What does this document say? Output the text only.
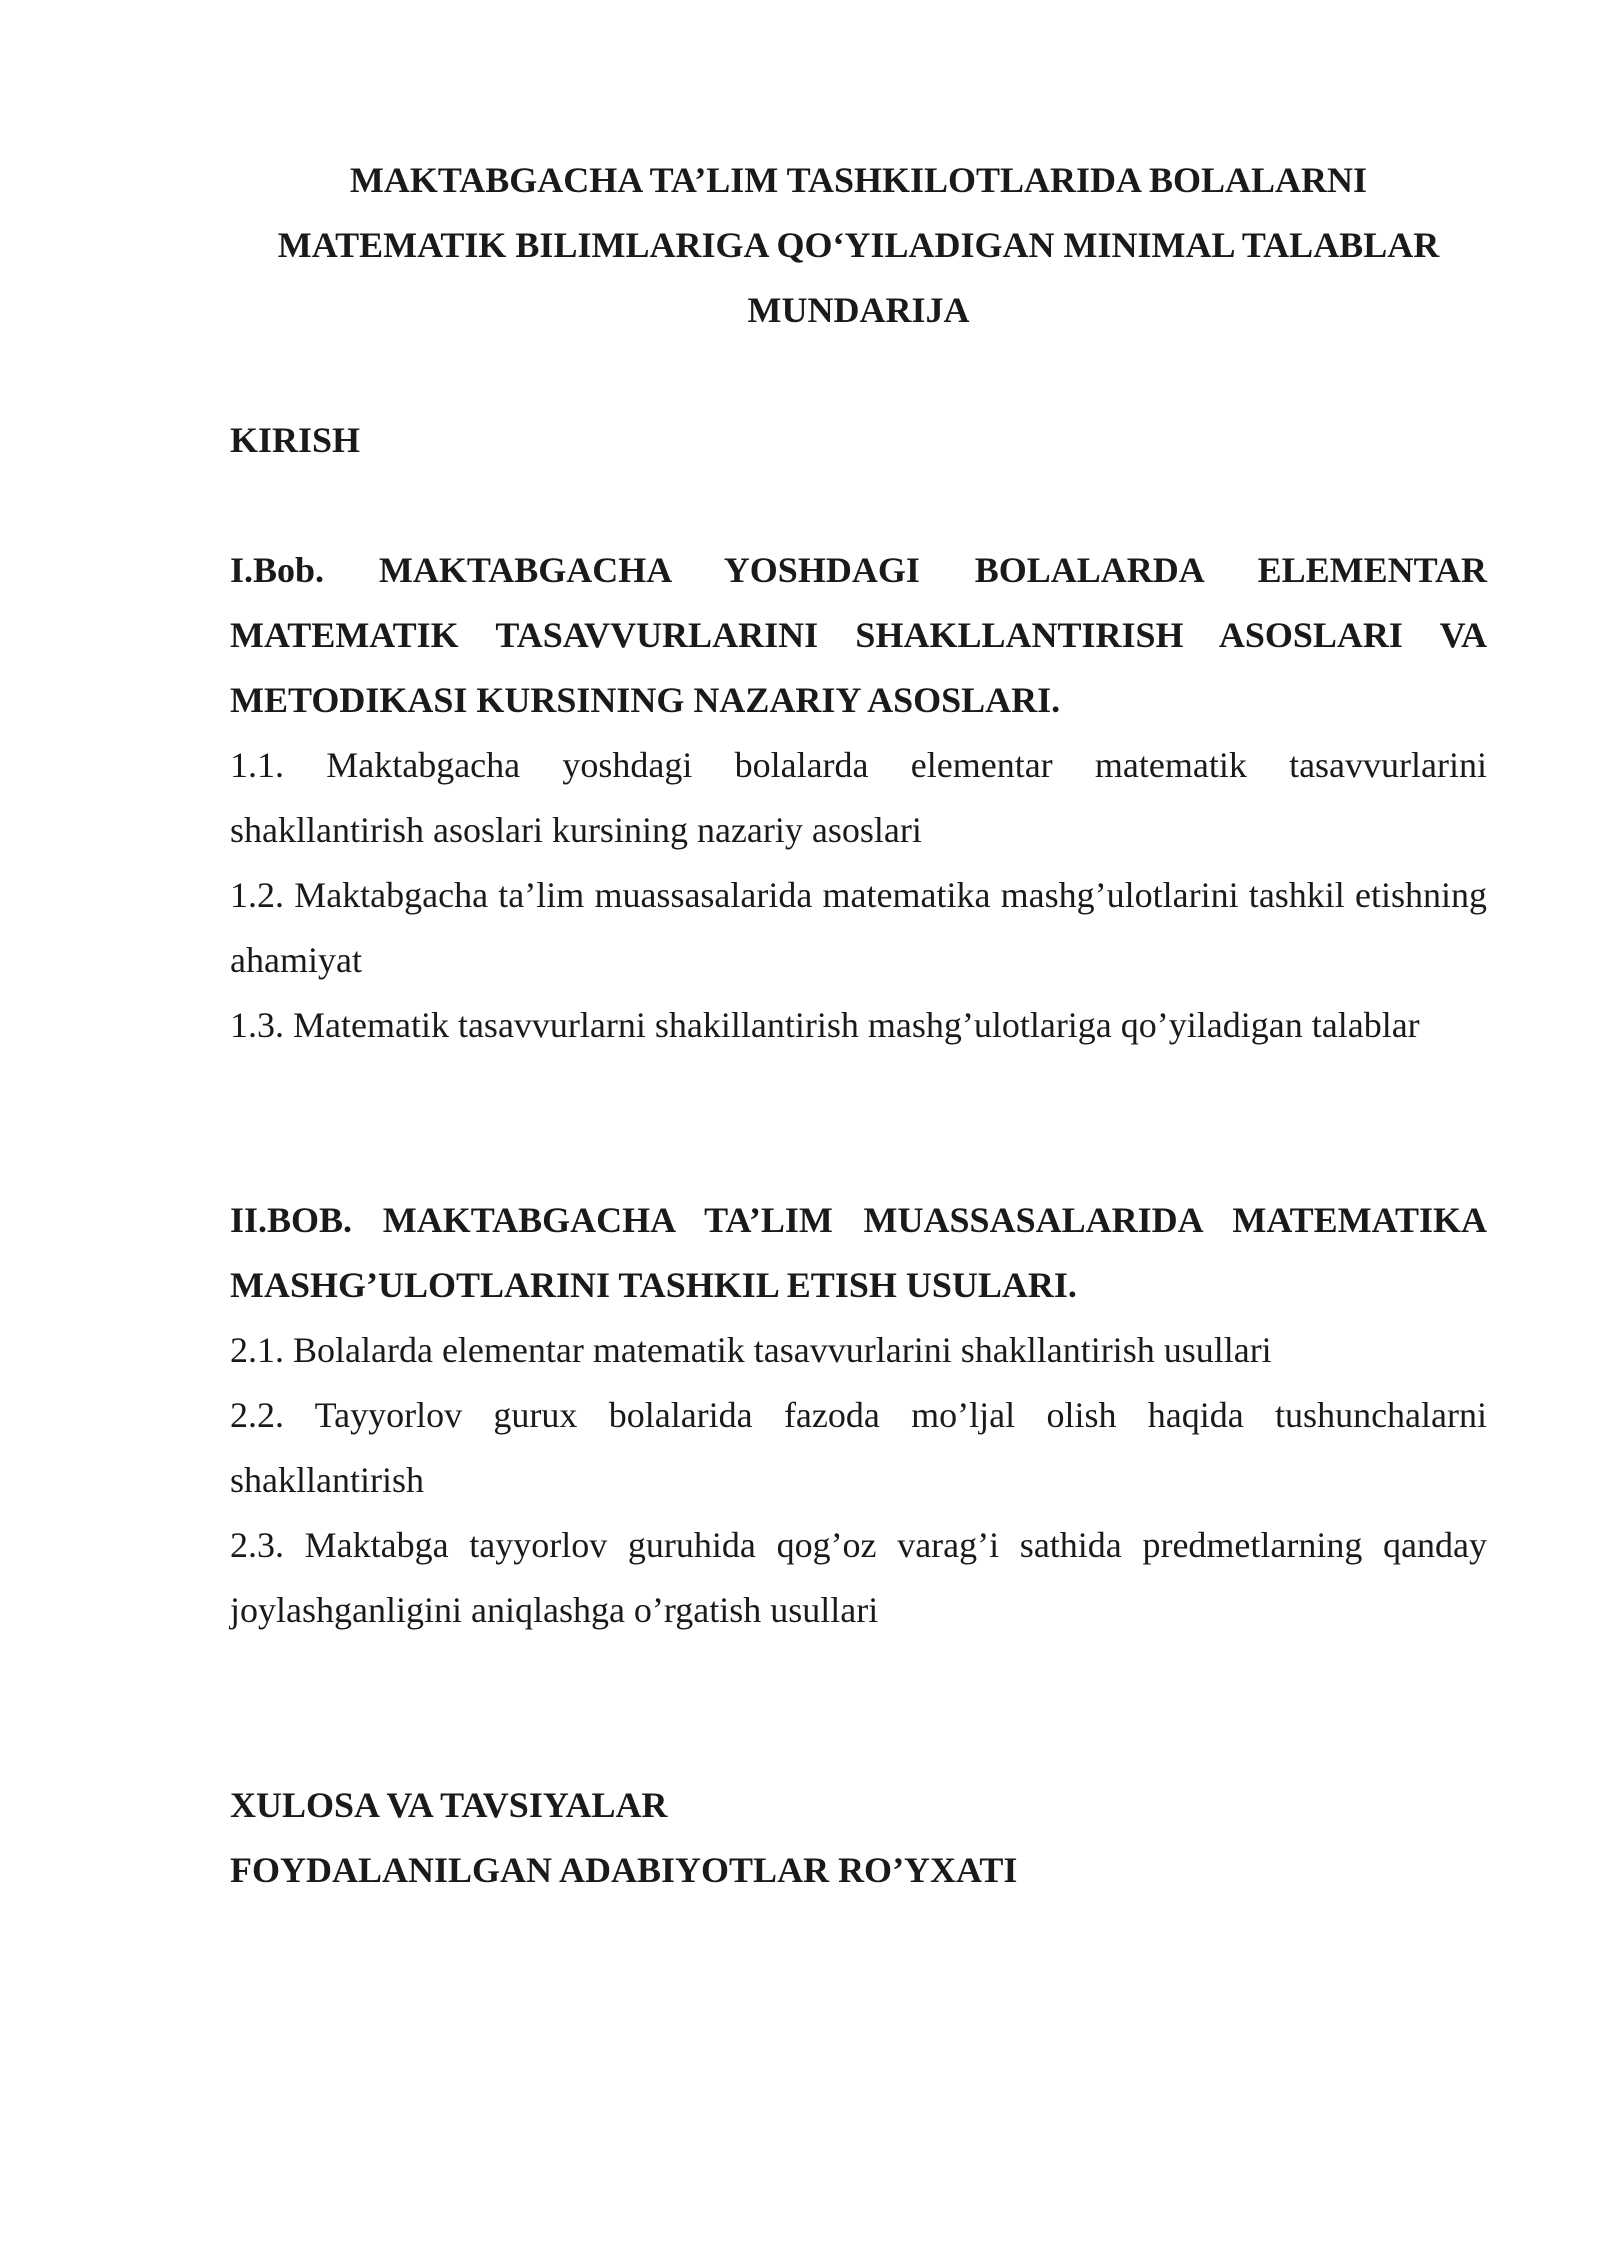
MAKTABGACHA TA’LIM TASHKILOTLARIDA BOLALARNI
MATEMATIK BILIMLARIGA QO‘YILADIGAN MINIMAL TALABLAR
MUNDARIJA
KIRISH
I.Bob. MAKTABGACHA YOSHDAGI BOLALARDA ELEMENTAR MATEMATIK TASAVVURLARINI SHAKLLANTIRISH ASOSLARI VA METODIKASI KURSINING NAZARIY ASOSLARI.
1.1. Maktabgacha yoshdagi bolalarda elementar matematik tasavvurlarini shakllantirish asoslari kursining nazariy asoslari
1.2. Maktabgacha ta’lim muassasalarida matematika mashg’ulotlarini tashkil etishning ahamiyat
1.3. Matematik tasavvurlarni shakillantirish mashg’ulotlariga qo’yiladigan talablar
II.BOB. MAKTABGACHA TA’LIM MUASSASALARIDA MATEMATIKA MASHG’ULOTLARINI TASHKIL ETISH USULARI.
2.1. Bolalarda elementar matematik tasavvurlarini shakllantirish usullari
2.2. Tayyorlov gurux bolalarida fazoda mo’ljal olish haqida tushunchalarni shakllantirish
2.3. Maktabga tayyorlov guruhida qog’oz varag’i sathida predmetlarning qanday joylashganligini aniqlashga o’rgatish usullari
XULOSA VA TAVSIYALAR
FOYDALANILGAN ADABIYOTLAR RO’YXATI
